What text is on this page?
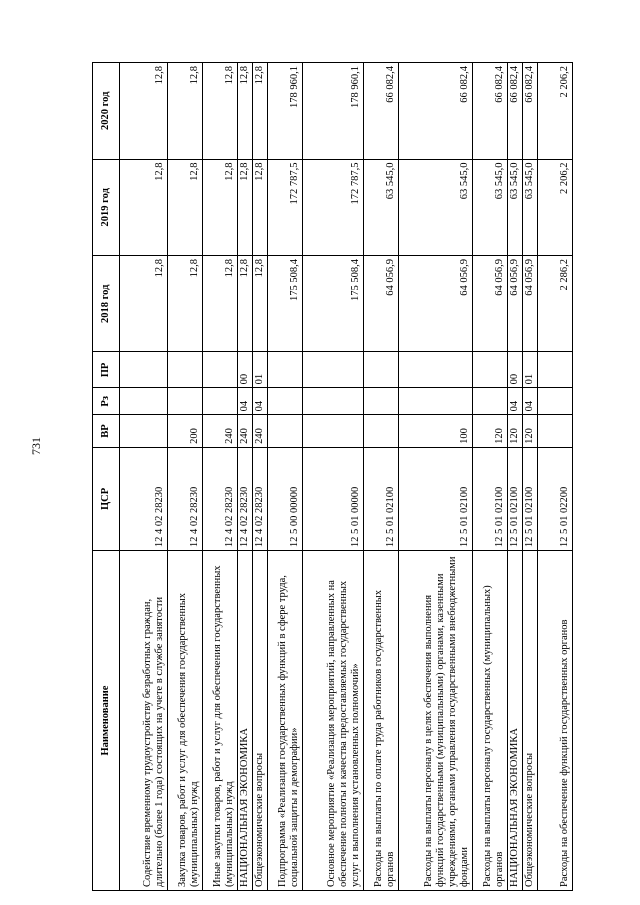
731
Наименование	ЦСР	ВР	Рз	ПР	2018 год	2019 год	2020 год
Содействие временному трудоустройству безработных граждан, длительно (более 1 года) состоящих на учете в службе занятости	12 4 02 28230				12,8	12,8	12,8
Закупка товаров, работ и услуг для обеспечения государственных (муниципальных) нужд	12 4 02 28230	200			12,8	12,8	12,8
Иные закупки товаров, работ и услуг для обеспечения государственных (муниципальных) нужд	12 4 02 28230	240			12,8	12,8	12,8
НАЦИОНАЛЬНАЯ ЭКОНОМИКА	12 4 02 28230	240	04	00	12,8	12,8	12,8
Общеэкономические вопросы	12 4 02 28230	240	04	01	12,8	12,8	12,8
Подпрограмма «Реализация государственных функций в сфере труда, социальной защиты и демографии»	12 5 00 00000				175 508,4	172 787,5	178 960,1
Основное мероприятие «Реализация мероприятий, направленных на обеспечение полноты и качества предоставляемых государственных услуг и выполнения установленных полномочий»	12 5 01 00000				175 508,4	172 787,5	178 960,1
Расходы на выплаты по оплате труда работников государственных органов	12 5 01 02100				64 056,9	63 545,0	66 082,4
Расходы на выплаты персоналу в целях обеспечения выполнения функций государственными (муниципальными) органами, казенными учреждениями, органами управления государственными внебюджетными фондами	12 5 01 02100	100			64 056,9	63 545,0	66 082,4
Расходы на выплаты персоналу государственных (муниципальных) органов	12 5 01 02100	120			64 056,9	63 545,0	66 082,4
НАЦИОНАЛЬНАЯ ЭКОНОМИКА	12 5 01 02100	120	04	00	64 056,9	63 545,0	66 082,4
Общеэкономические вопросы	12 5 01 02100	120	04	01	64 056,9	63 545,0	66 082,4
Расходы на обеспечение функций государственных органов	12 5 01 02200				2 286,2	2 206,2	2 206,2
